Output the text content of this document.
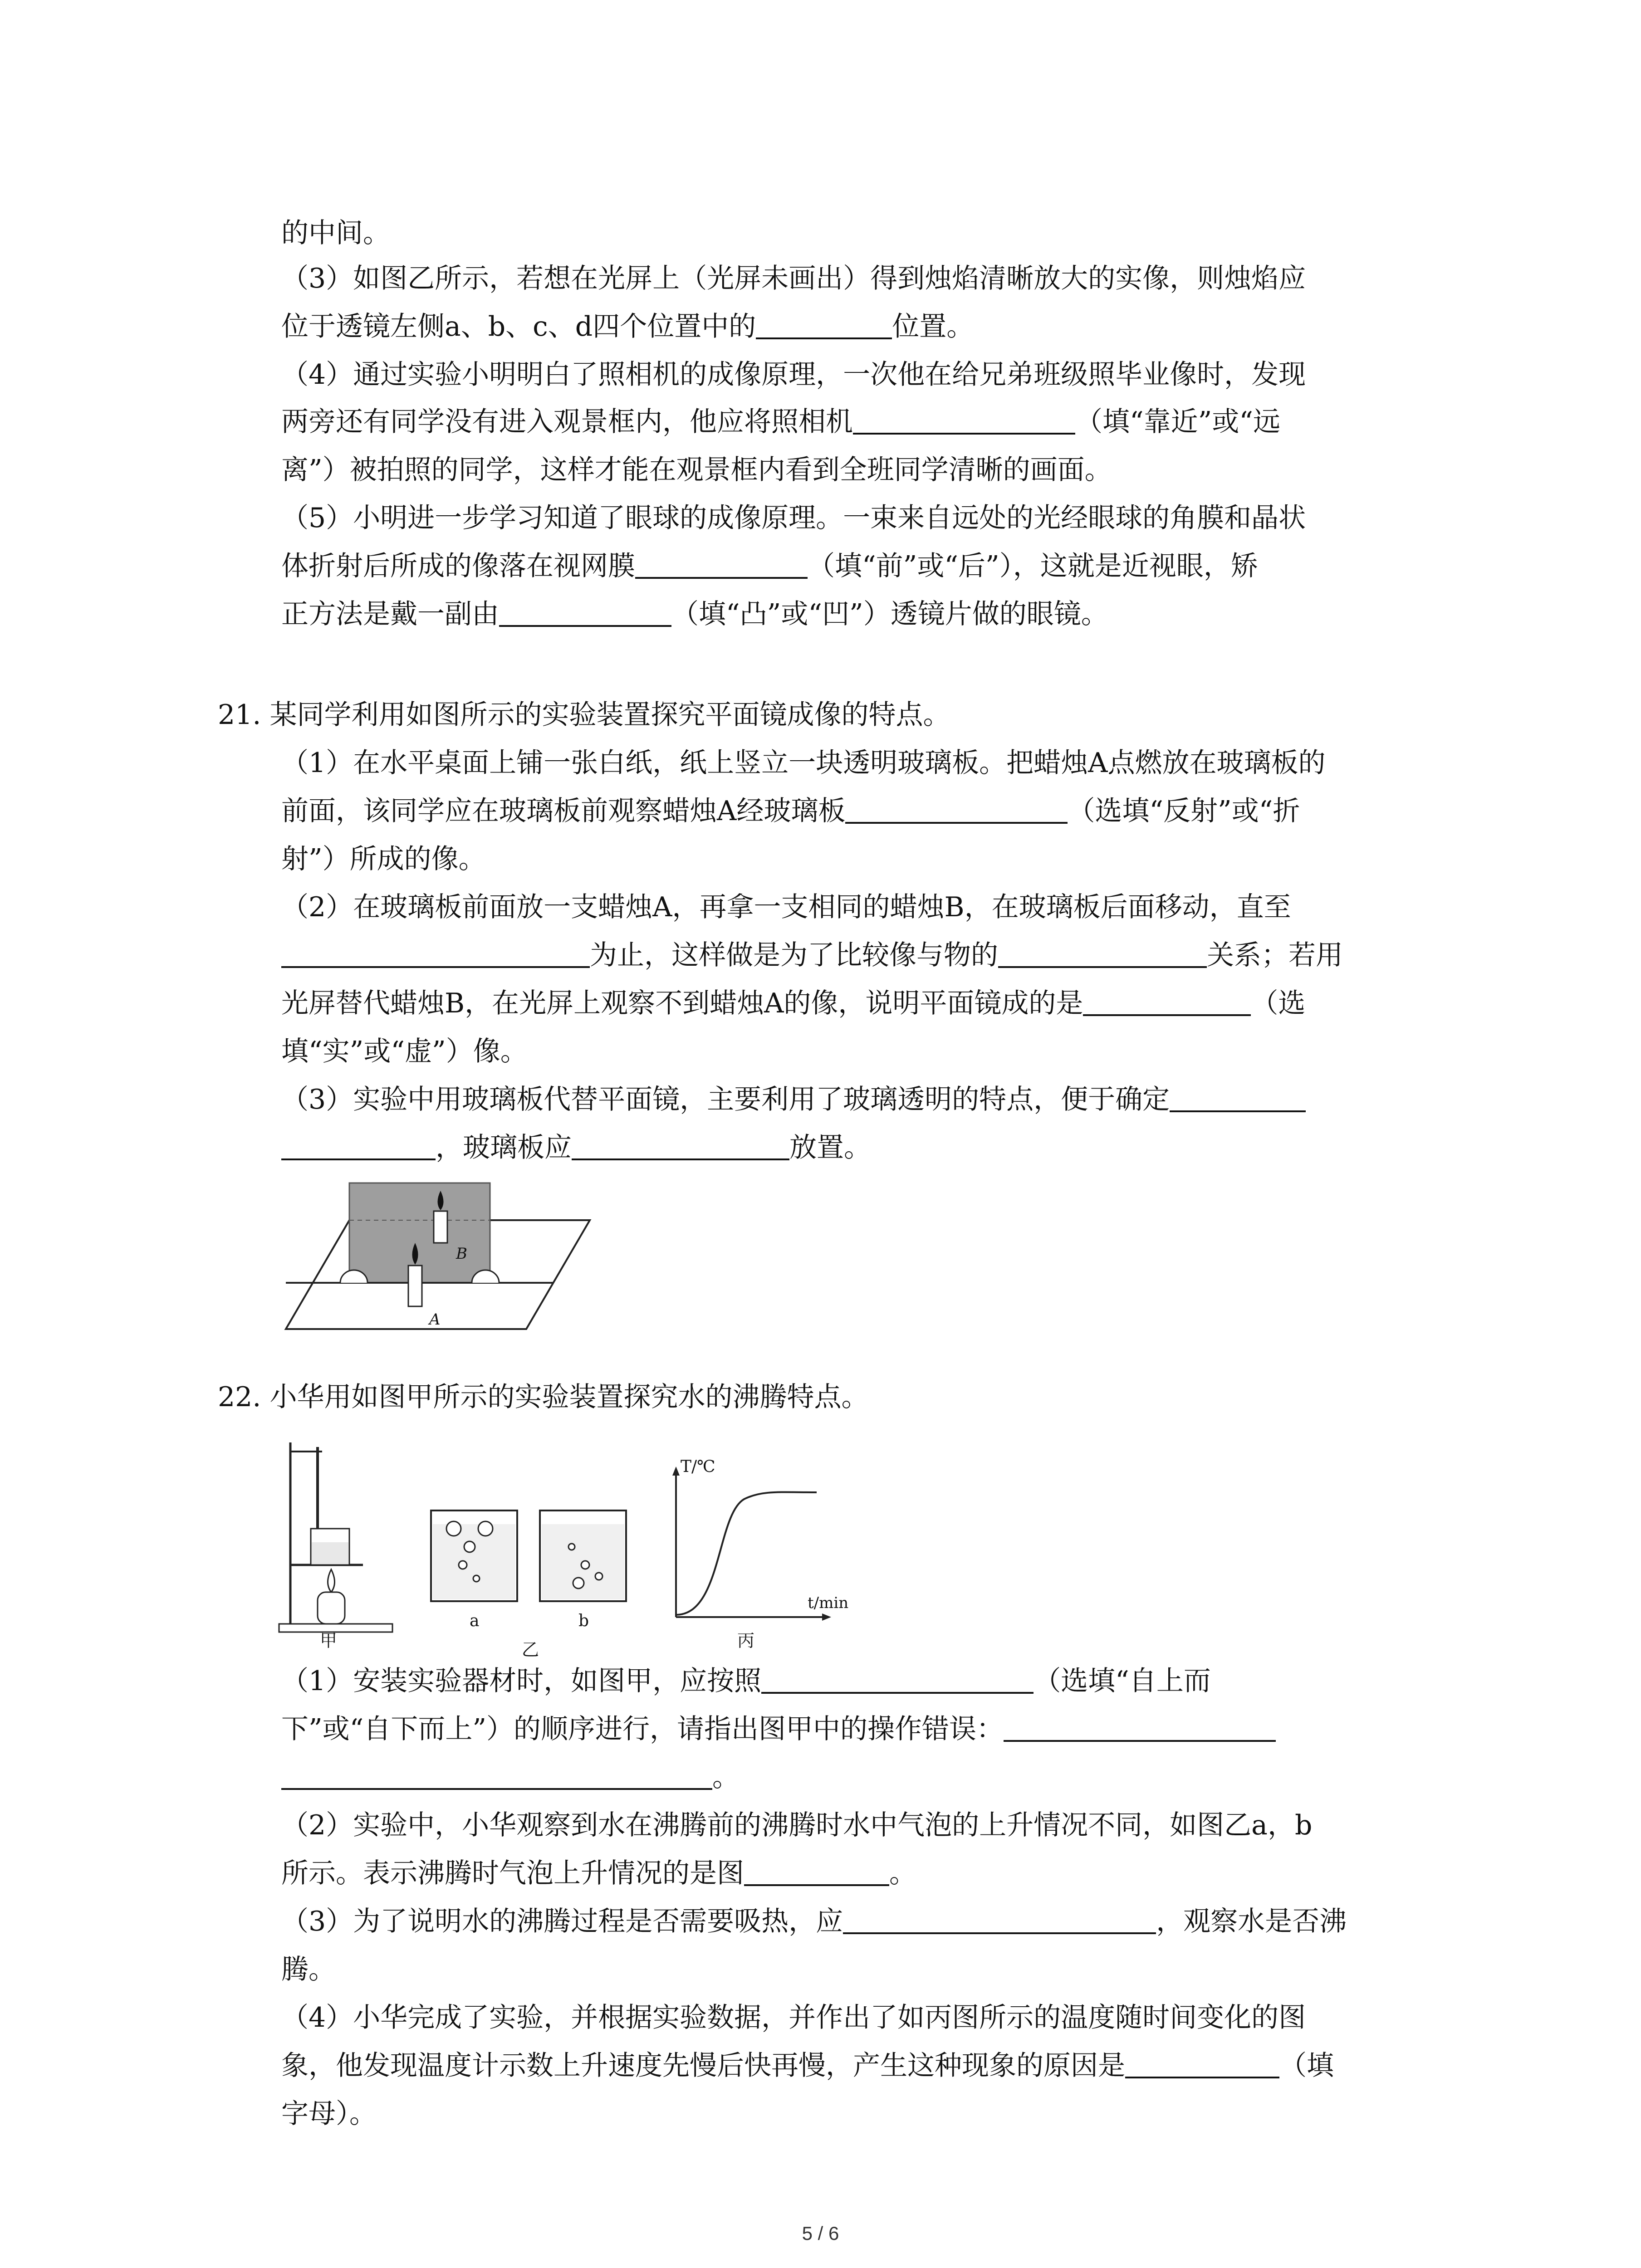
的中间。

（3）如图乙所示，若想在光屏上（光屏未画出）得到烛焰清晰放大的实像，则烛焰应

位于透镜左侧a、b、c、d四个位置中的	位置。

（4）通过实验小明明白了照相机的成像原理，一次他在给兄弟班级照毕业像时，发现

两旁还有同学没有进入观景框内，他应将照相机	（填“靠近”或“远

离”）被拍照的同学，这样才能在观景框内看到全班同学清晰的画面。

（5）小明进一步学习知道了眼球的成像原理。一束来自远处的光经眼球的角膜和晶状

体折射后所成的像落在视网膜	（填“前”或“后”），这就是近视眼，矫

正方法是戴一副由	（填“凸”或“凹”）透镜片做的眼镜。

21. 某同学利用如图所示的实验装置探究平面镜成像的特点。

（1）在水平桌面上铺一张白纸，纸上竖立一块透明玻璃板。把蜡烛A点燃放在玻璃板的

前面，该同学应在玻璃板前观察蜡烛A经玻璃板	（选填“反射”或“折

射”）所成的像。

（2）在玻璃板前面放一支蜡烛A，再拿一支相同的蜡烛B，在玻璃板后面移动，直至

为止，这样做是为了比较像与物的	关系；若用

光屏替代蜡烛B，在光屏上观察不到蜡烛A的像，说明平面镜成的是	（选

填“实”或“虚”）像。

（3）实验中用玻璃板代替平面镜，主要利用了玻璃透明的特点，便于确定

，玻璃板应	放置。

B
A

22. 小华用如图甲所示的实验装置探究水的沸腾特点。

甲
a	b
乙
T/℃
t/min
丙

（1）安装实验器材时，如图甲，应按照	（选填“自上而

下”或“自下而上”）的顺序进行，请指出图甲中的操作错误：

。

（2）实验中，小华观察到水在沸腾前的沸腾时水中气泡的上升情况不同，如图乙a，b

所示。表示沸腾时气泡上升情况的是图	。

（3）为了说明水的沸腾过程是否需要吸热，应	，观察水是否沸

腾。

（4）小华完成了实验，并根据实验数据，并作出了如丙图所示的温度随时间变化的图

象，他发现温度计示数上升速度先慢后快再慢，产生这种现象的原因是	（填

字母）。

5 / 6
